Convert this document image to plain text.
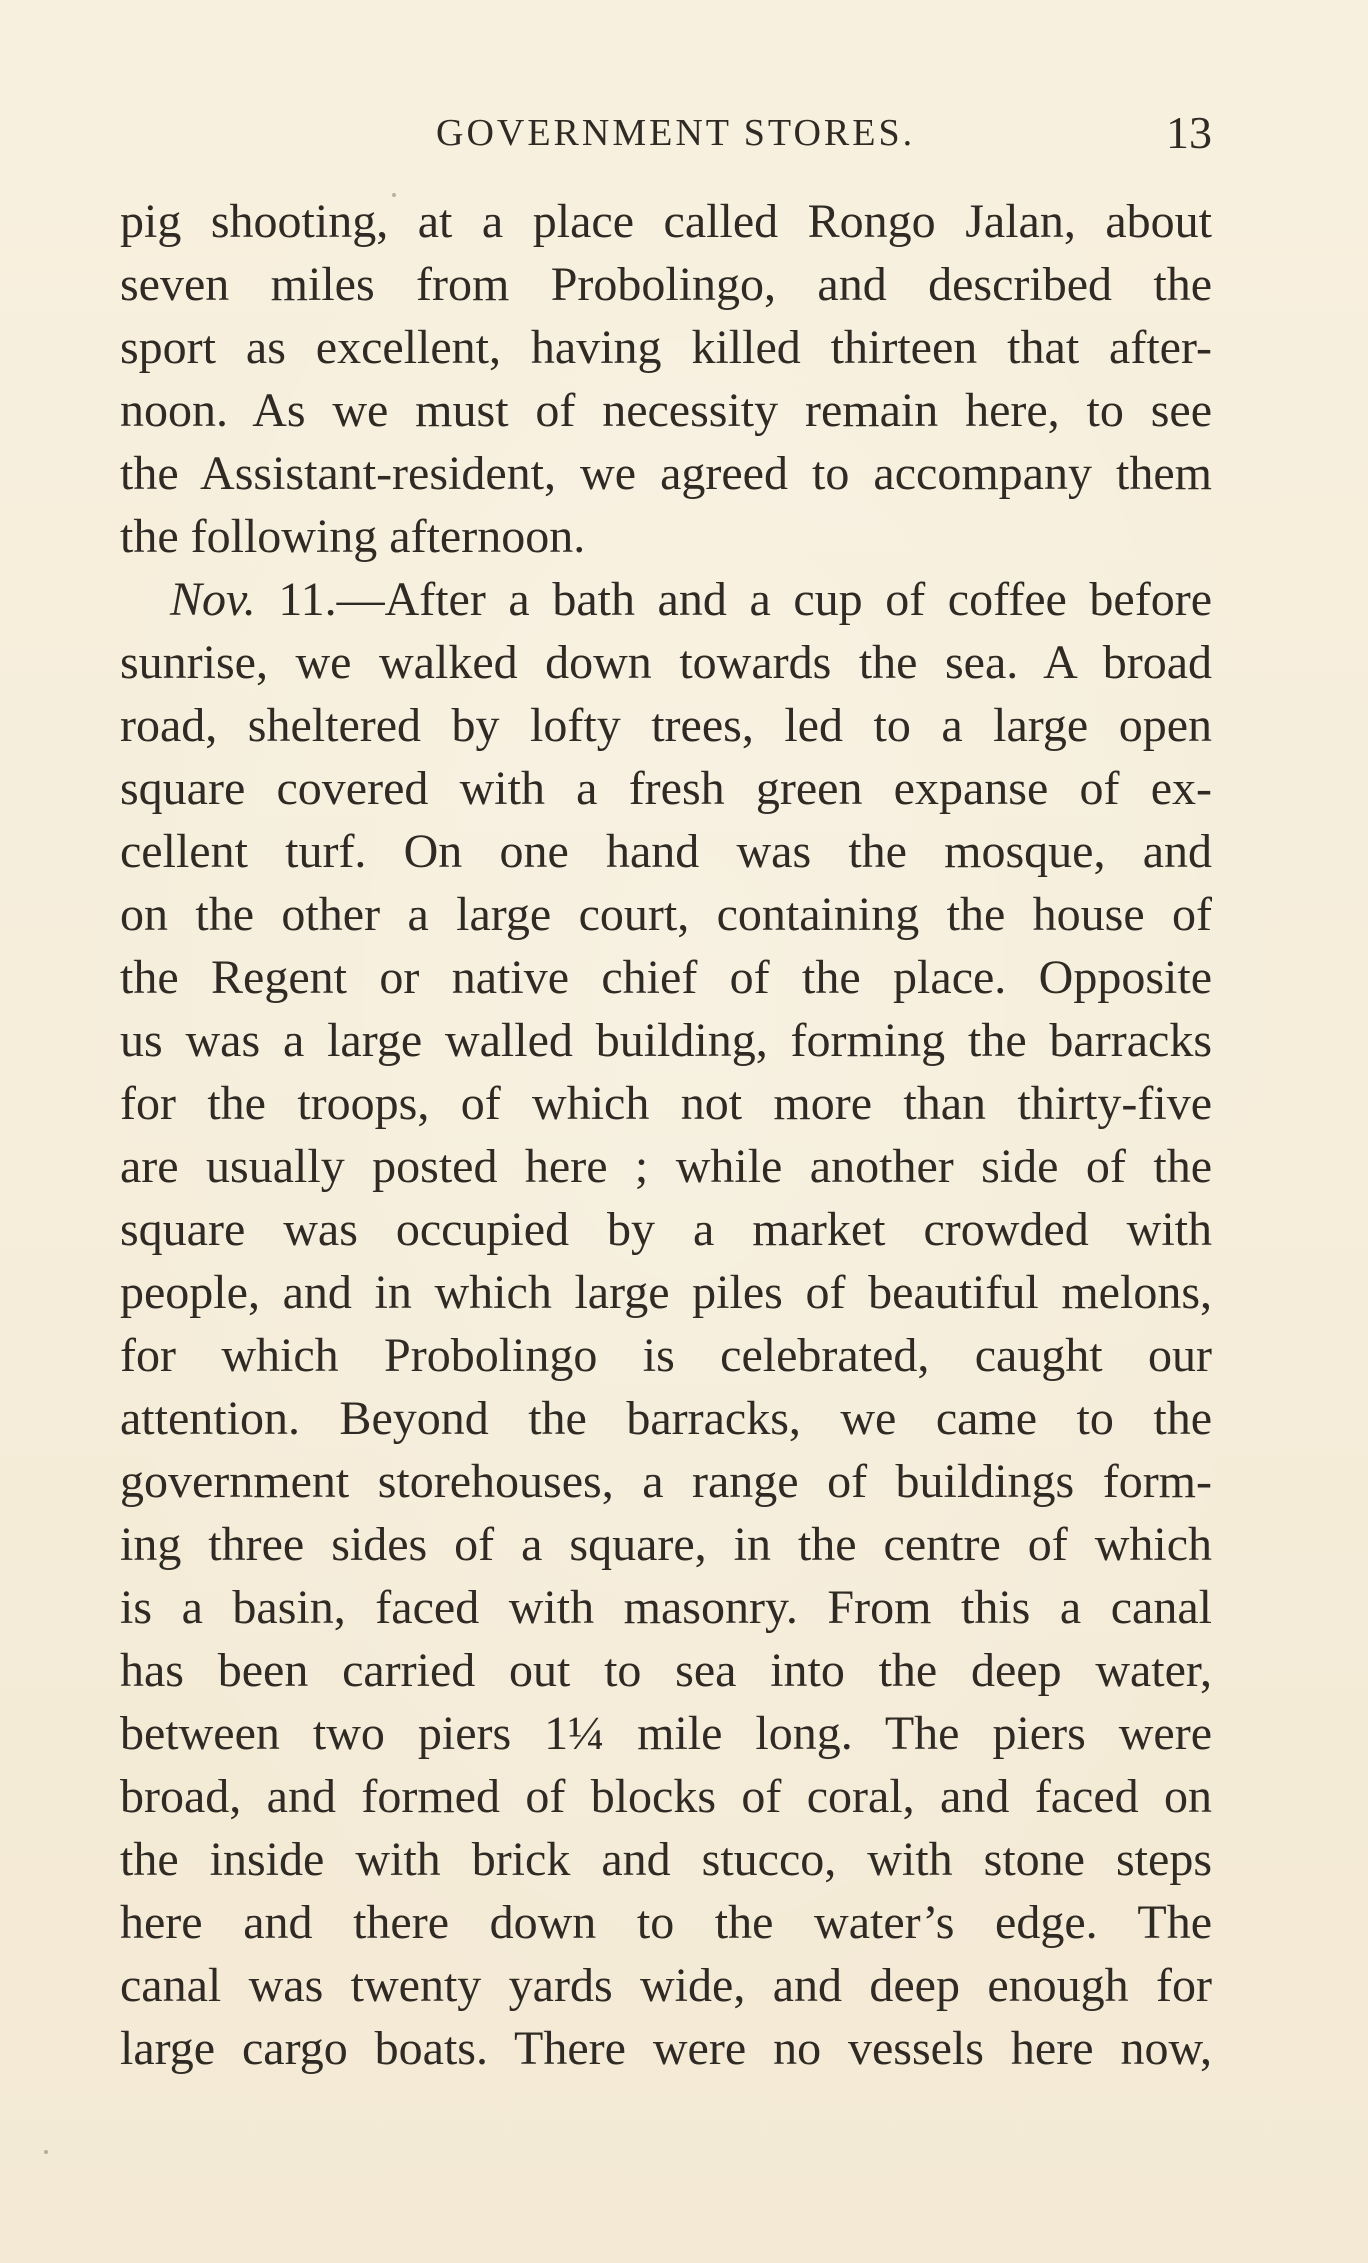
GOVERNMENT STORES.	13
pig shooting, at a place called Rongo Jalan, about
seven miles from Probolingo, and described the
sport as excellent, having killed thirteen that after-
noon. As we must of necessity remain here, to see
the Assistant-resident, we agreed to accompany them
the following afternoon.
Nov. 11.—After a bath and a cup of coffee before
sunrise, we walked down towards the sea. A broad
road, sheltered by lofty trees, led to a large open
square covered with a fresh green expanse of ex-
cellent turf. On one hand was the mosque, and
on the other a large court, containing the house of
the Regent or native chief of the place. Opposite
us was a large walled building, forming the barracks
for the troops, of which not more than thirty-five
are usually posted here ; while another side of the
square was occupied by a market crowded with
people, and in which large piles of beautiful melons,
for which Probolingo is celebrated, caught our
attention. Beyond the barracks, we came to the
government storehouses, a range of buildings form-
ing three sides of a square, in the centre of which
is a basin, faced with masonry. From this a canal
has been carried out to sea into the deep water,
between two piers 1¼ mile long. The piers were
broad, and formed of blocks of coral, and faced on
the inside with brick and stucco, with stone steps
here and there down to the water’s edge. The
canal was twenty yards wide, and deep enough for
large cargo boats. There were no vessels here now,
